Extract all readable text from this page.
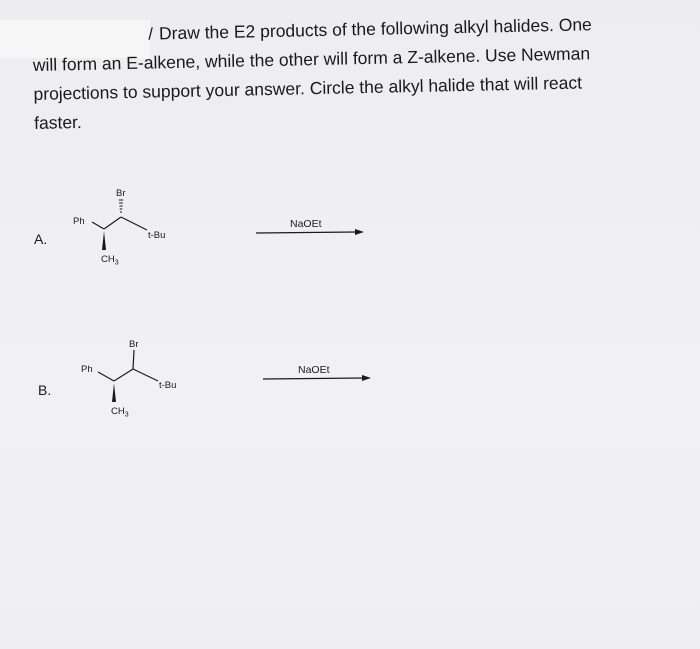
/ Draw the E2 products of the following alkyl halides. One
will form an E-alkene, while the other will form a Z-alkene. Use Newman
projections to support your answer. Circle the alkyl halide that will react
faster.
A.
B.
Br
Ph
t-Bu
$CH_3$
NaOEt
Br
Ph
t-Bu
$CH_3$
NaOEt
